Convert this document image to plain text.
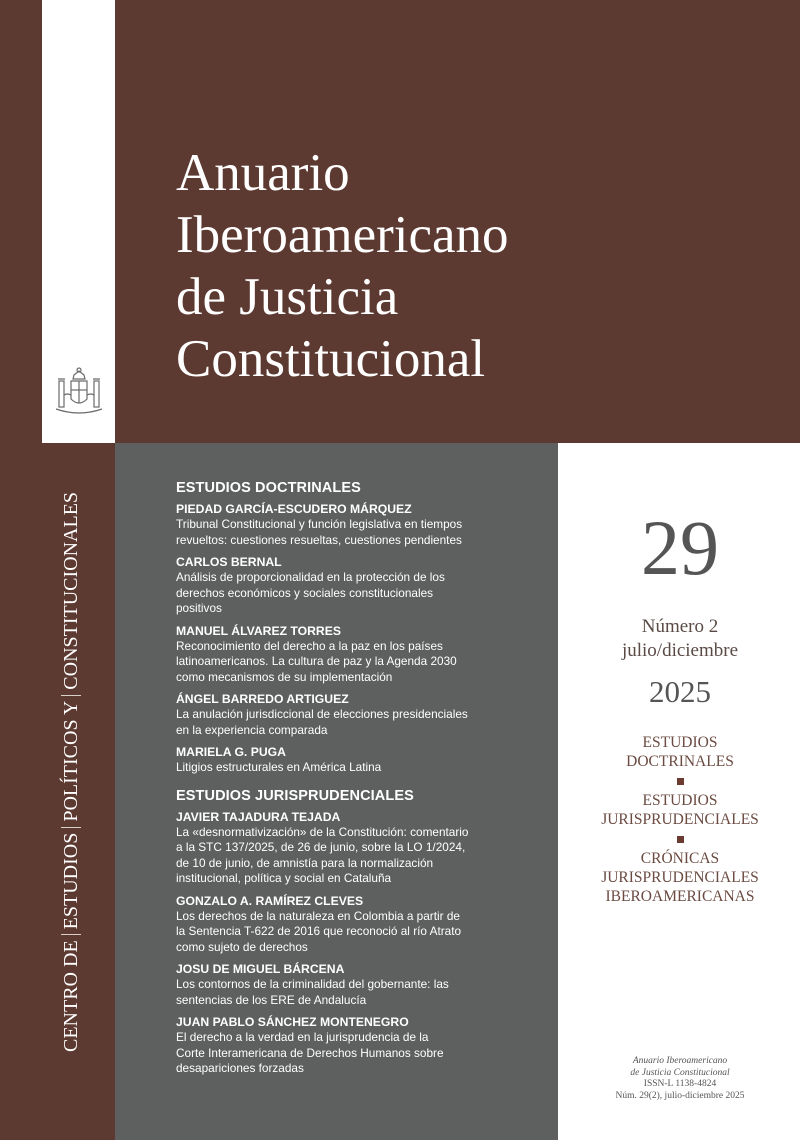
Anuario
Iberoamericano
de Justicia
Constitucional
CENTRO DE
ESTUDIOS
POLÍTICOS Y
CONSTITUCIONALES
ESTUDIOS DOCTRINALES
PIEDAD GARCÍA-ESCUDERO MÁRQUEZ
Tribunal Constitucional y función legislativa en tiempos
revueltos: cuestiones resueltas, cuestiones pendientes
CARLOS BERNAL
Análisis de proporcionalidad en la protección de los
derechos económicos y sociales constitucionales
positivos
MANUEL ÁLVAREZ TORRES
Reconocimiento del derecho a la paz en los países
latinoamericanos. La cultura de paz y la Agenda 2030
como mecanismos de su implementación
ÁNGEL BARREDO ARTIGUEZ
La anulación jurisdiccional de elecciones presidenciales
en la experiencia comparada
MARIELA G. PUGA
Litigios estructurales en América Latina
ESTUDIOS JURISPRUDENCIALES
JAVIER TAJADURA TEJADA
La «desnormativización» de la Constitución: comentario
a la STC 137/2025, de 26 de junio, sobre la LO 1/2024,
de 10 de junio, de amnistía para la normalización
institucional, política y social en Cataluña
GONZALO A. RAMÍREZ CLEVES
Los derechos de la naturaleza en Colombia a partir de
la Sentencia T-622 de 2016 que reconoció al río Atrato
como sujeto de derechos
JOSU DE MIGUEL BÁRCENA
Los contornos de la criminalidad del gobernante: las
sentencias de los ERE de Andalucía
JUAN PABLO SÁNCHEZ MONTENEGRO
El derecho a la verdad en la jurisprudencia de la
Corte Interamericana de Derechos Humanos sobre
desapariciones forzadas
29
Número 2
julio/diciembre
2025
ESTUDIOS
DOCTRINALES
ESTUDIOS
JURISPRUDENCIALES
CRÓNICAS
JURISPRUDENCIALES
IBEROAMERICANAS
Anuario Iberoamericano
de Justicia Constitucional
ISSN-L 1138-4824
Núm. 29(2), julio-diciembre 2025
